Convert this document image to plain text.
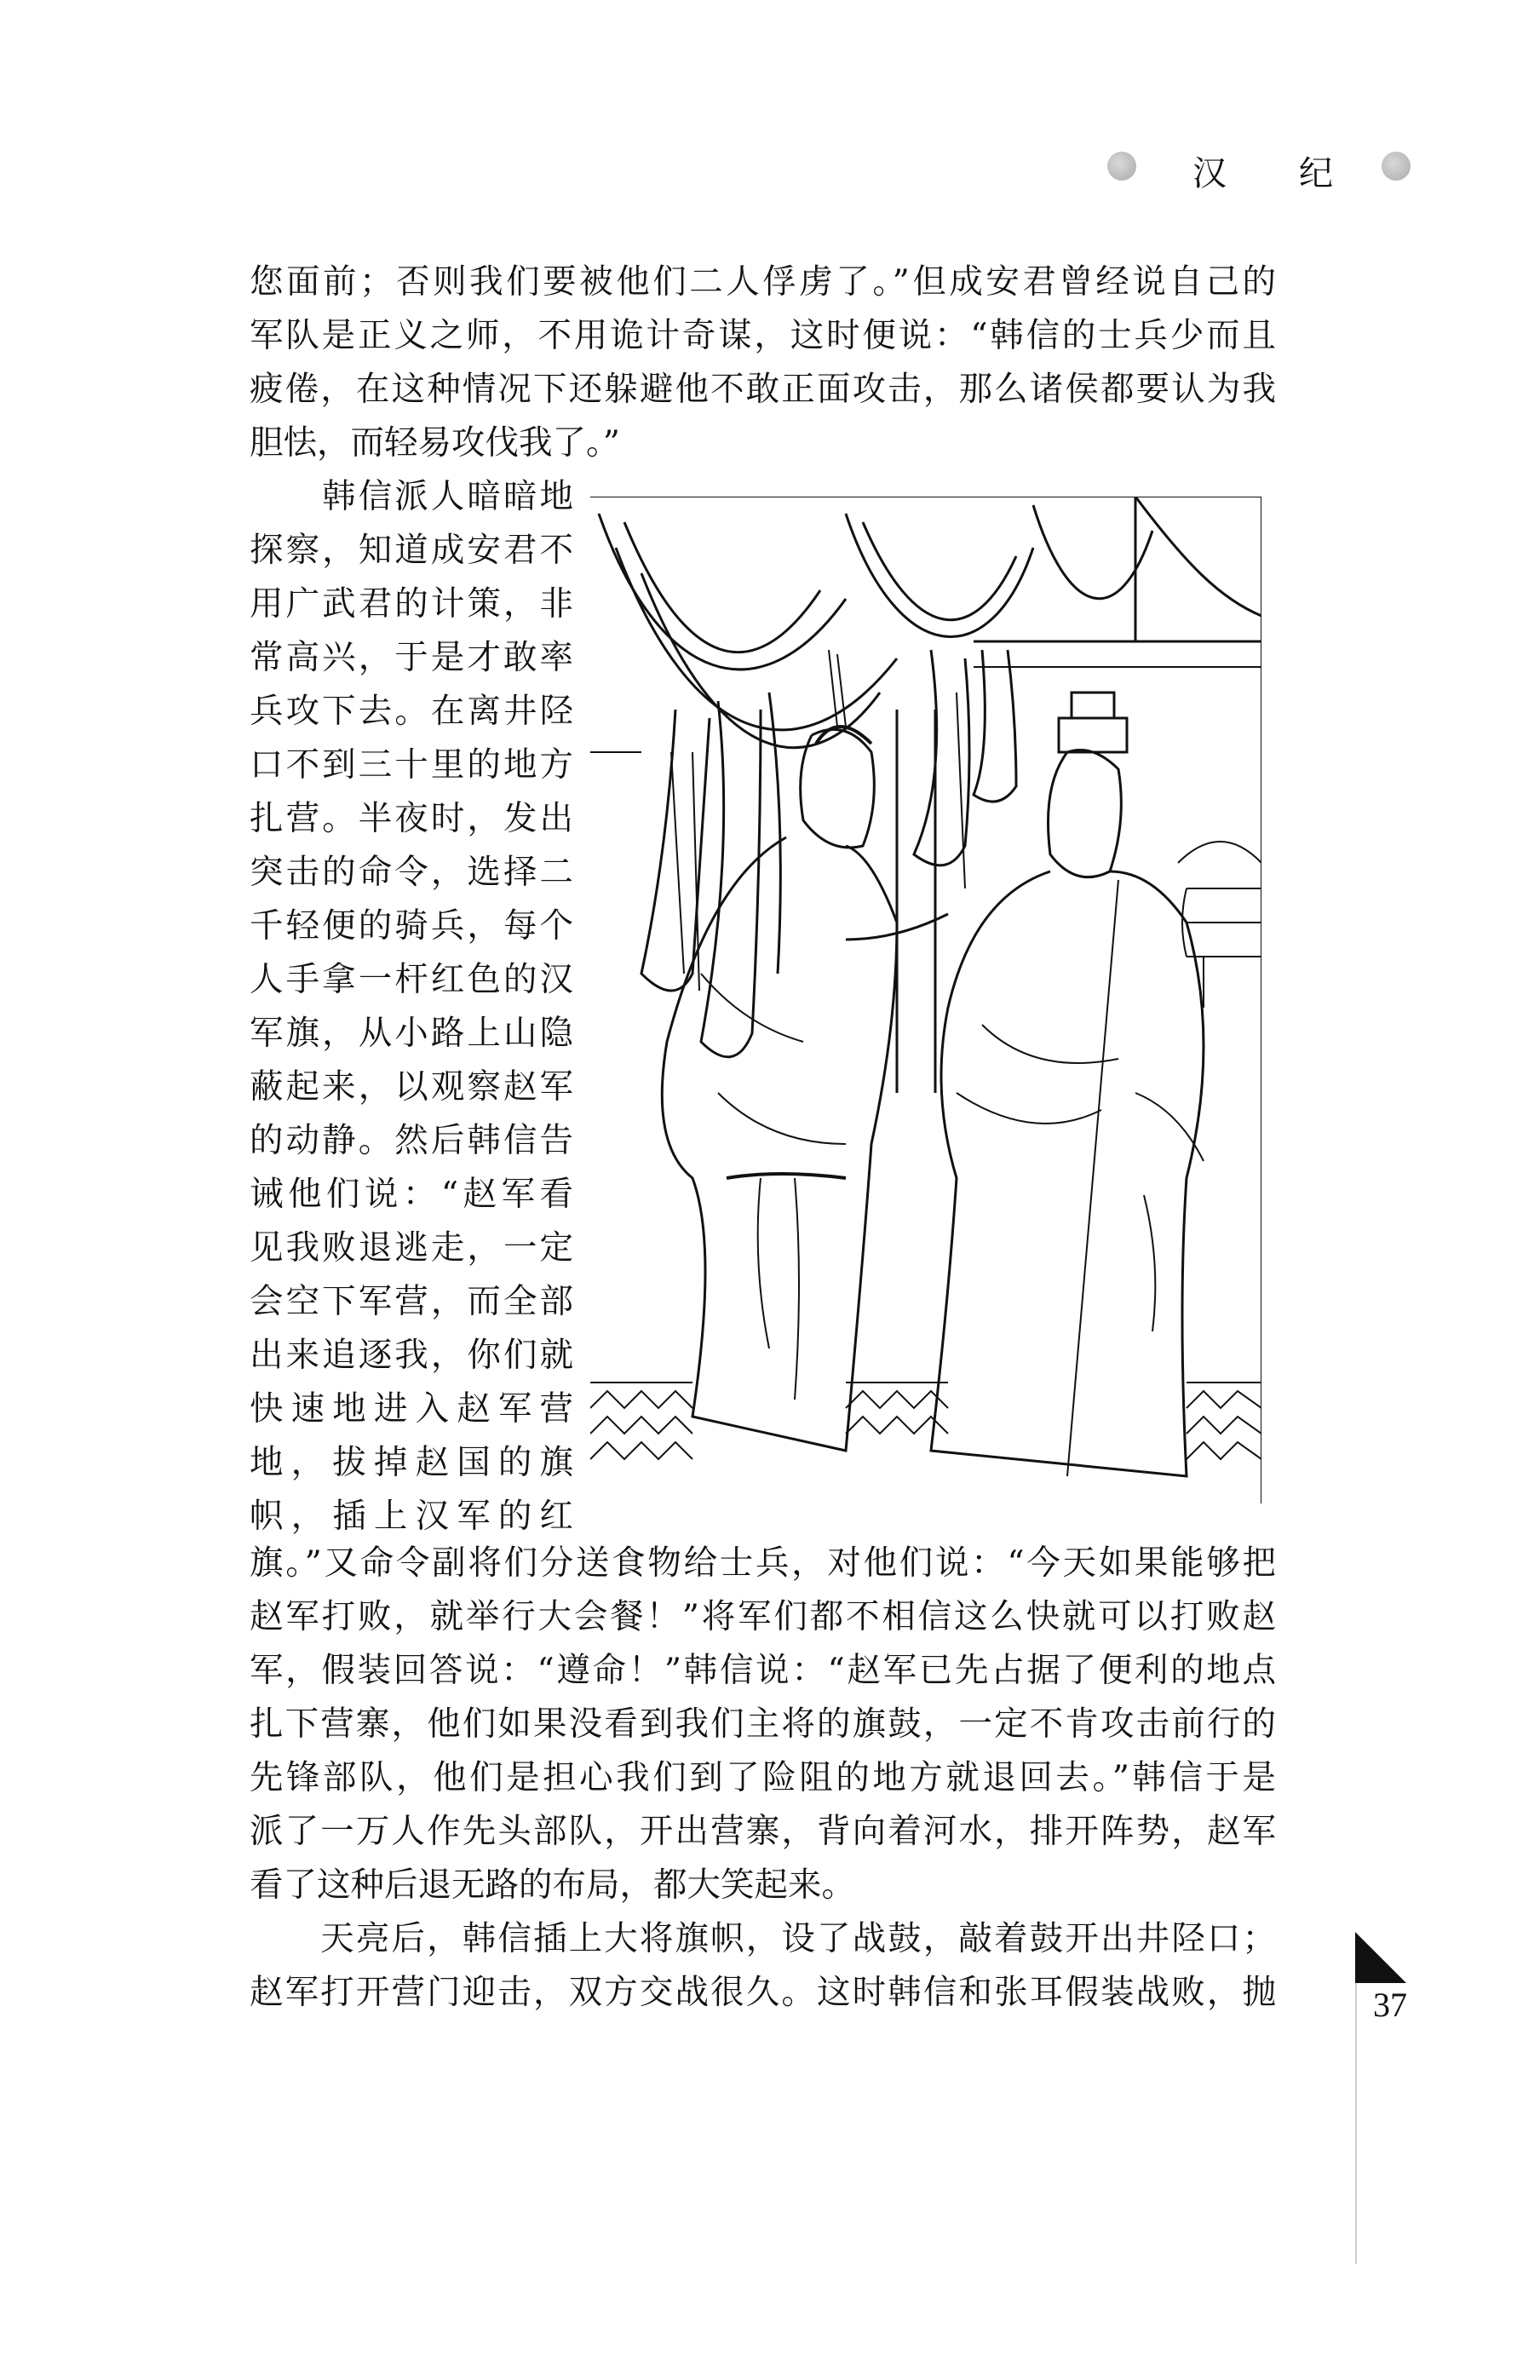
汉 纪
您面前；否则我们要被他们二人俘虏了。”但成安君曾经说自己的
军队是正义之师，不用诡计奇谋，这时便说：“韩信的士兵少而且
疲倦，在这种情况下还躲避他不敢正面攻击，那么诸侯都要认为我
胆怯，而轻易攻伐我了。”
　　韩信派人暗暗地
探察，知道成安君不
用广武君的计策，非
常高兴，于是才敢率
兵攻下去。在离井陉
口不到三十里的地方
扎营。半夜时，发出
突击的命令，选择二
千轻便的骑兵，每个
人手拿一杆红色的汉
军旗，从小路上山隐
蔽起来，以观察赵军
的动静。然后韩信告
诫他们说：“赵军看
见我败退逃走，一定
会空下军营，而全部
出来追逐我，你们就
快速地进入赵军营
地，拔掉赵国的旗
帜，插上汉军的红
旗。”又命令副将们分送食物给士兵，对他们说：“今天如果能够把
赵军打败，就举行大会餐！”将军们都不相信这么快就可以打败赵
军，假装回答说：“遵命！”韩信说：“赵军已先占据了便利的地点
扎下营寨，他们如果没看到我们主将的旗鼓，一定不肯攻击前行的
先锋部队，他们是担心我们到了险阻的地方就退回去。”韩信于是
派了一万人作先头部队，开出营寨，背向着河水，排开阵势，赵军
看了这种后退无路的布局，都大笑起来。
　　天亮后，韩信插上大将旗帜，设了战鼓，敲着鼓开出井陉口；
赵军打开营门迎击，双方交战很久。这时韩信和张耳假装战败，抛	37
